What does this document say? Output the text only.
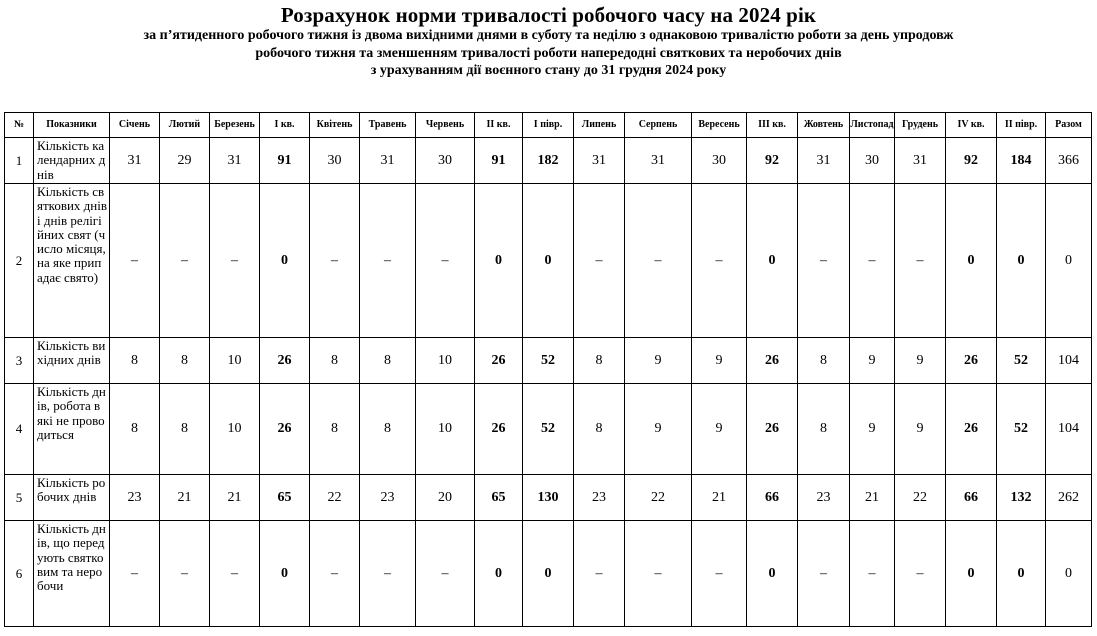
Розрахунок норми тривалості робочого часу на 2024 рік
за п’ятиденного робочого тижня із двома вихідними днями в суботу та неділю з однаковою тривалістю роботи за день упродовж
робочого тижня та зменшенням тривалості роботи напередодні святкових та неробочих днів
з урахуванням дії воєнного стану до 31 грудня 2024 року
№	Показники	Січень	Лютий	Березень	І кв.	Квітень	Травень	Червень	ІІ кв.	І півр.	Липень	Серпень	Вересень	ІІІ кв.	Жовтень	Листопад	Грудень	IV кв.	ІІ півр.	Разом
1	Кількість календарних днів	31	29	31	91	30	31	30	91	182	31	31	30	92	31	30	31	92	184	366
2	Кількість святкових днів і днів релігійних свят (число місяця, на яке припадає свято)	–	–	–	0	–	–	–	0	0	–	–	–	0	–	–	–	0	0	0
3	Кількість вихідних днів	8	8	10	26	8	8	10	26	52	8	9	9	26	8	9	9	26	52	104
4	Кількість днів, робота в які не проводиться	8	8	10	26	8	8	10	26	52	8	9	9	26	8	9	9	26	52	104
5	Кількість робочих днів	23	21	21	65	22	23	20	65	130	23	22	21	66	23	21	22	66	132	262
6	Кількість днів, що передують святковим та неробочи	–	–	–	0	–	–	–	0	0	–	–	–	0	–	–	–	0	0	0
